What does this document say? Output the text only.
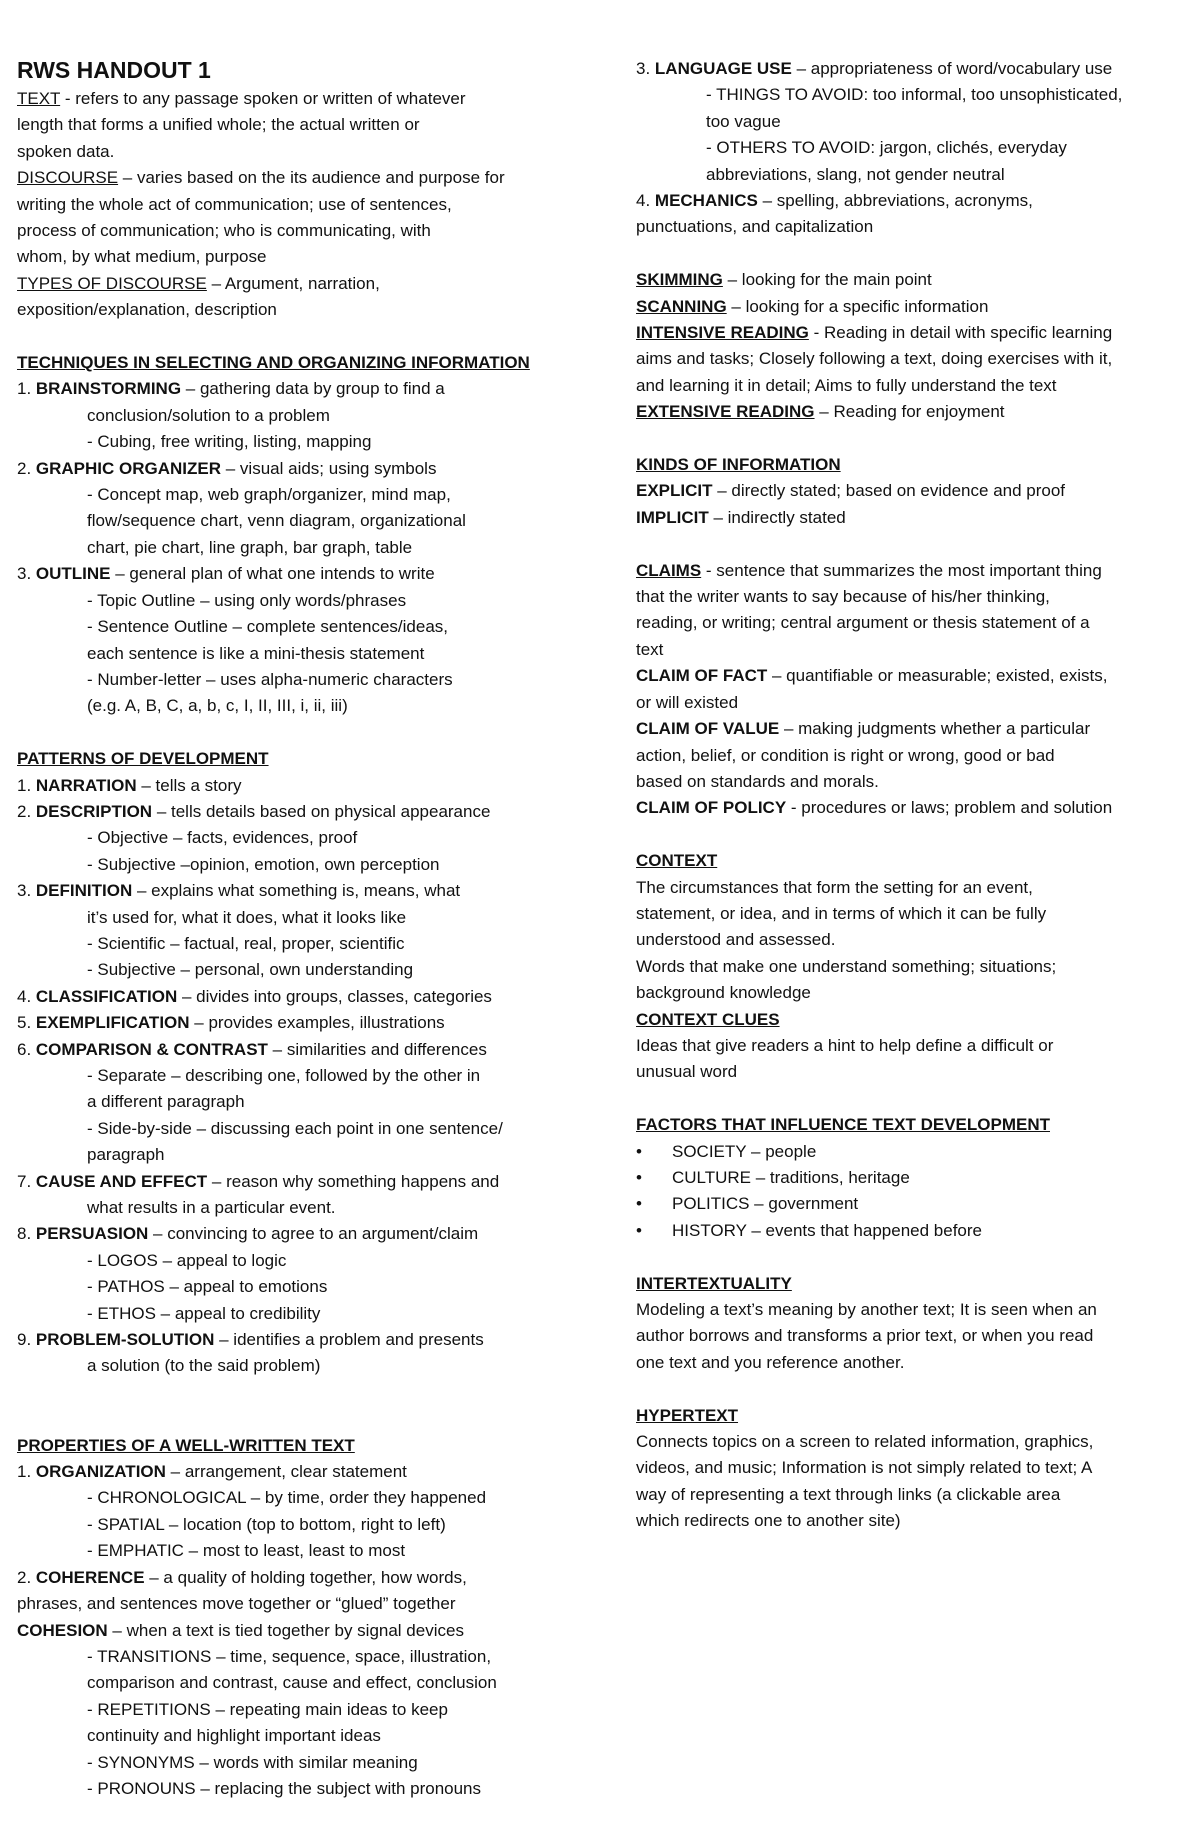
RWS HANDOUT 1
TEXT - refers to any passage spoken or written of whatever
length that forms a unified whole; the actual written or
spoken data.
DISCOURSE – varies based on the its audience and purpose for
writing the whole act of communication; use of sentences,
process of communication; who is communicating, with
whom, by what medium, purpose
TYPES OF DISCOURSE – Argument, narration,
exposition/explanation, description
TECHNIQUES IN SELECTING AND ORGANIZING INFORMATION
1. BRAINSTORMING – gathering data by group to find a
conclusion/solution to a problem
- Cubing, free writing, listing, mapping
2. GRAPHIC ORGANIZER – visual aids; using symbols
- Concept map, web graph/organizer, mind map,
flow/sequence chart, venn diagram, organizational
chart, pie chart, line graph, bar graph, table
3. OUTLINE – general plan of what one intends to write
- Topic Outline – using only words/phrases
- Sentence Outline – complete sentences/ideas,
each sentence is like a mini-thesis statement
- Number-letter – uses alpha-numeric characters
(e.g. A, B, C, a, b, c, I, II, III, i, ii, iii)
PATTERNS OF DEVELOPMENT
1. NARRATION – tells a story
2. DESCRIPTION – tells details based on physical appearance
- Objective – facts, evidences, proof
- Subjective –opinion, emotion, own perception
3. DEFINITION – explains what something is, means, what
it’s used for, what it does, what it looks like
- Scientific – factual, real, proper, scientific
- Subjective – personal, own understanding
4. CLASSIFICATION – divides into groups, classes, categories
5. EXEMPLIFICATION – provides examples, illustrations
6. COMPARISON & CONTRAST – similarities and differences
- Separate – describing one, followed by the other in
a different paragraph
- Side-by-side – discussing each point in one sentence/
paragraph
7. CAUSE AND EFFECT – reason why something happens and
what results in a particular event.
8. PERSUASION – convincing to agree to an argument/claim
- LOGOS – appeal to logic
- PATHOS – appeal to emotions
- ETHOS – appeal to credibility
9. PROBLEM-SOLUTION – identifies a problem and presents
a solution (to the said problem)
PROPERTIES OF A WELL-WRITTEN TEXT
1. ORGANIZATION – arrangement, clear statement
- CHRONOLOGICAL – by time, order they happened
- SPATIAL – location (top to bottom, right to left)
- EMPHATIC – most to least, least to most
2. COHERENCE – a quality of holding together, how words,
phrases, and sentences move together or “glued” together
COHESION – when a text is tied together by signal devices
- TRANSITIONS – time, sequence, space, illustration,
comparison and contrast, cause and effect, conclusion
- REPETITIONS – repeating main ideas to keep
continuity and highlight important ideas
- SYNONYMS – words with similar meaning
- PRONOUNS – replacing the subject with pronouns
3. LANGUAGE USE – appropriateness of word/vocabulary use
- THINGS TO AVOID: too informal, too unsophisticated,
too vague
- OTHERS TO AVOID: jargon, clichés, everyday
abbreviations, slang, not gender neutral
4. MECHANICS – spelling, abbreviations, acronyms,
punctuations, and capitalization
SKIMMING – looking for the main point
SCANNING – looking for a specific information
INTENSIVE READING - Reading in detail with specific learning
aims and tasks; Closely following a text, doing exercises with it,
and learning it in detail; Aims to fully understand the text
EXTENSIVE READING – Reading for enjoyment
KINDS OF INFORMATION
EXPLICIT – directly stated; based on evidence and proof
IMPLICIT – indirectly stated
CLAIMS - sentence that summarizes the most important thing
that the writer wants to say because of his/her thinking,
reading, or writing; central argument or thesis statement of a
text
CLAIM OF FACT – quantifiable or measurable; existed, exists,
or will existed
CLAIM OF VALUE – making judgments whether a particular
action, belief, or condition is right or wrong, good or bad
based on standards and morals.
CLAIM OF POLICY - procedures or laws; problem and solution
CONTEXT
The circumstances that form the setting for an event,
statement, or idea, and in terms of which it can be fully
understood and assessed.
Words that make one understand something; situations;
background knowledge
CONTEXT CLUES
Ideas that give readers a hint to help define a difficult or
unusual word
FACTORS THAT INFLUENCE TEXT DEVELOPMENT
• SOCIETY – people
• CULTURE – traditions, heritage
• POLITICS – government
• HISTORY – events that happened before
INTERTEXTUALITY
Modeling a text’s meaning by another text; It is seen when an
author borrows and transforms a prior text, or when you read
one text and you reference another.
HYPERTEXT
Connects topics on a screen to related information, graphics,
videos, and music; Information is not simply related to text; A
way of representing a text through links (a clickable area
which redirects one to another site)
